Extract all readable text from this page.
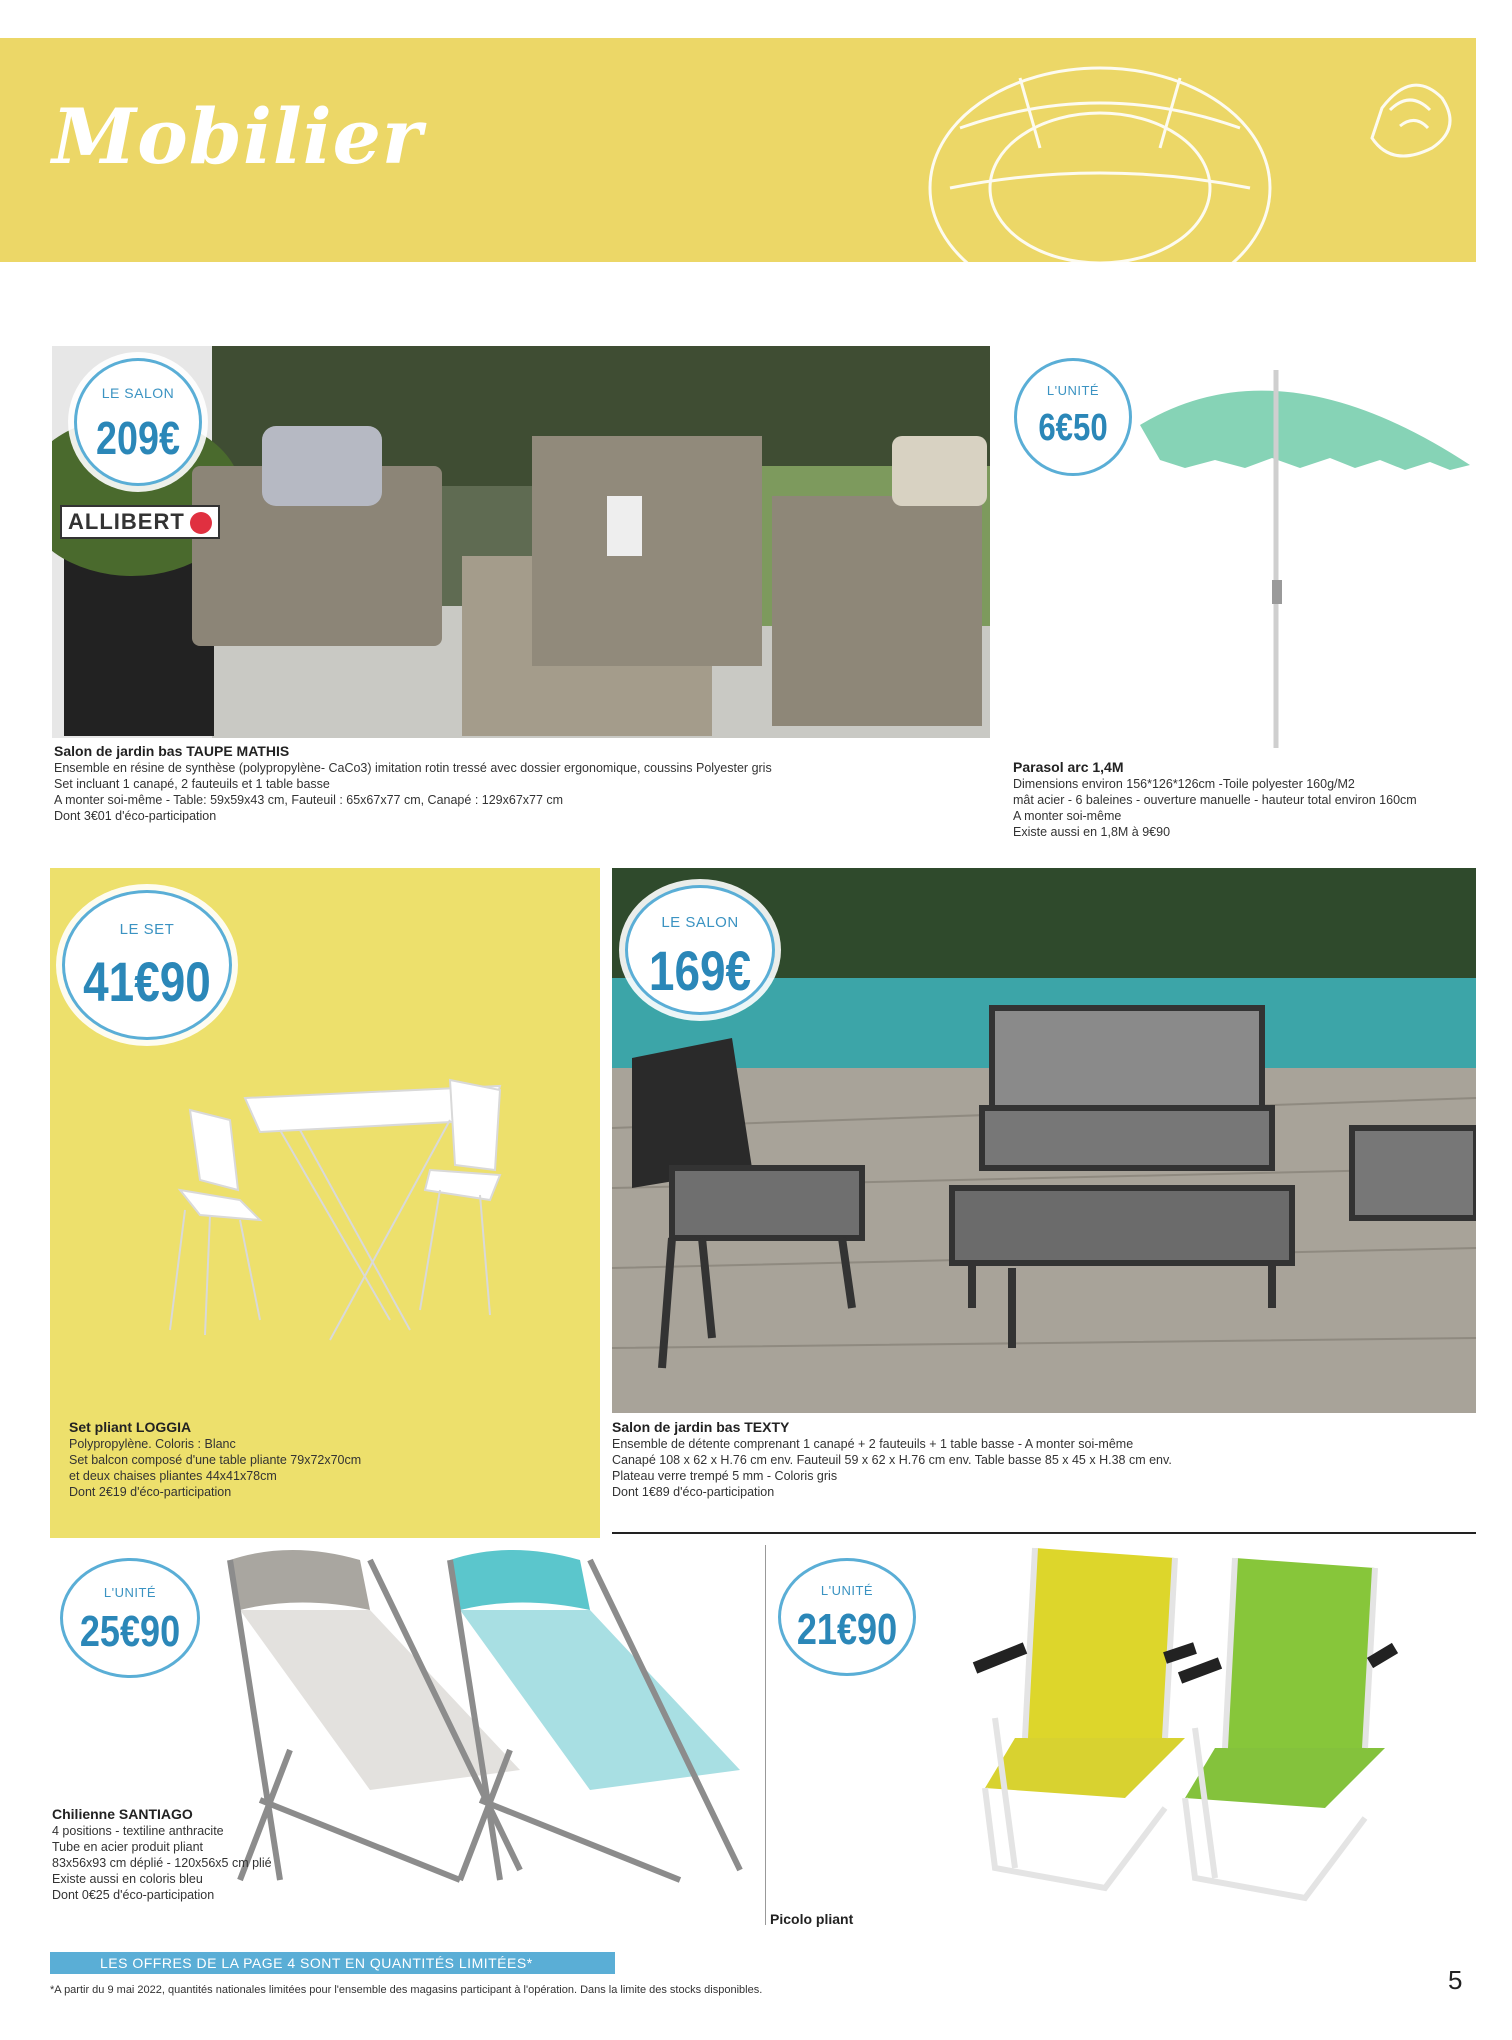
Mobilier
LE SALON
209€
ALLIBERT
Salon de jardin bas TAUPE MATHIS
Ensemble en résine de synthèse (polypropylène- CaCo3) imitation rotin tressé avec dossier ergonomique, coussins Polyester gris
Set incluant 1 canapé, 2 fauteuils et 1 table basse
A monter soi-même - Table: 59x59x43 cm, Fauteuil : 65x67x77 cm, Canapé : 129x67x77 cm
Dont 3€01 d'éco-participation
L'UNITÉ
6€50
Parasol arc 1,4M
Dimensions environ 156*126*126cm -Toile polyester 160g/M2
mât acier - 6 baleines - ouverture manuelle - hauteur total environ 160cm
A monter soi-même
Existe aussi en 1,8M à 9€90
LE SET
41€90
Set pliant LOGGIA
Polypropylène. Coloris : Blanc
Set balcon composé d'une table pliante 79x72x70cm
et deux chaises pliantes 44x41x78cm
Dont 2€19 d'éco-participation
LE SALON
169€
Salon de jardin bas TEXTY
Ensemble de détente comprenant 1 canapé + 2 fauteuils + 1 table basse - A monter soi-même
Canapé 108 x 62 x H.76 cm env. Fauteuil 59 x 62 x H.76 cm env. Table basse 85 x 45 x H.38 cm env.
Plateau verre trempé 5 mm - Coloris gris
Dont 1€89 d'éco-participation
L'UNITÉ
25€90
Chilienne SANTIAGO
4 positions - textiline anthracite
Tube en acier produit pliant
83x56x93 cm déplié - 120x56x5 cm plié
Existe aussi en coloris bleu
Dont 0€25 d'éco-participation
L'UNITÉ
21€90
Picolo pliant
LES OFFRES DE LA PAGE 4 SONT EN QUANTITÉS LIMITÉES*
*A partir du 9 mai 2022, quantités nationales limitées pour l'ensemble des magasins participant à l'opération. Dans la limite des stocks disponibles.	5
